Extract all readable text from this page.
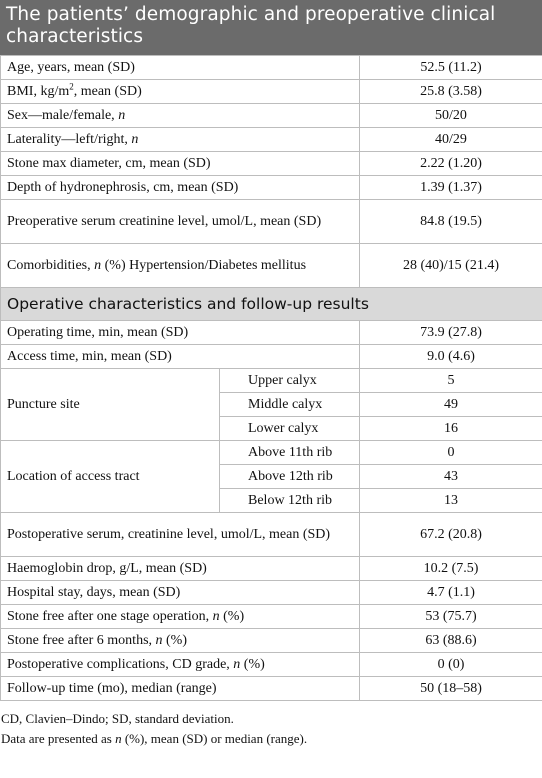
The patients’ demographic and preoperative clinical characteristics
Age, years, mean (SD)		52.5 (11.2)
BMI, $kg/m^2$, mean (SD)		25.8 (3.58)
Sex—male/female, n		50/20
Laterality—left/right, n		40/29
Stone max diameter, cm, mean (SD)		2.22 (1.20)
Depth of hydronephrosis, cm, mean (SD)		1.39 (1.37)
Preoperative serum creatinine level, umol/L, mean (SD)		84.8 (19.5)
Comorbidities, n (%) Hypertension/Diabetes mellitus		28 (40)/15 (21.4)
Operative characteristics and follow-up results		
Operating time, min, mean (SD)		73.9 (27.8)
Access time, min, mean (SD)		9.0 (4.6)
Puncture site	Upper calyx	5
	Middle calyx	49
	Lower calyx	16
Location of access tract	Above 11th rib	0
	Above 12th rib	43
	Below 12th rib	13
Postoperative serum, creatinine level, umol/L, mean (SD)		67.2 (20.8)
Haemoglobin drop, g/L, mean (SD)		10.2 (7.5)
Hospital stay, days, mean (SD)		4.7 (1.1)
Stone free after one stage operation, n (%)		53 (75.7)
Stone free after 6 months, n (%)		63 (88.6)
Postoperative complications, CD grade, n (%)		0 (0)
Follow-up time (mo), median (range)		50 (18–58)
CD, Clavien–Dindo; SD, standard deviation.
Data are presented as n (%), mean (SD) or median (range).
